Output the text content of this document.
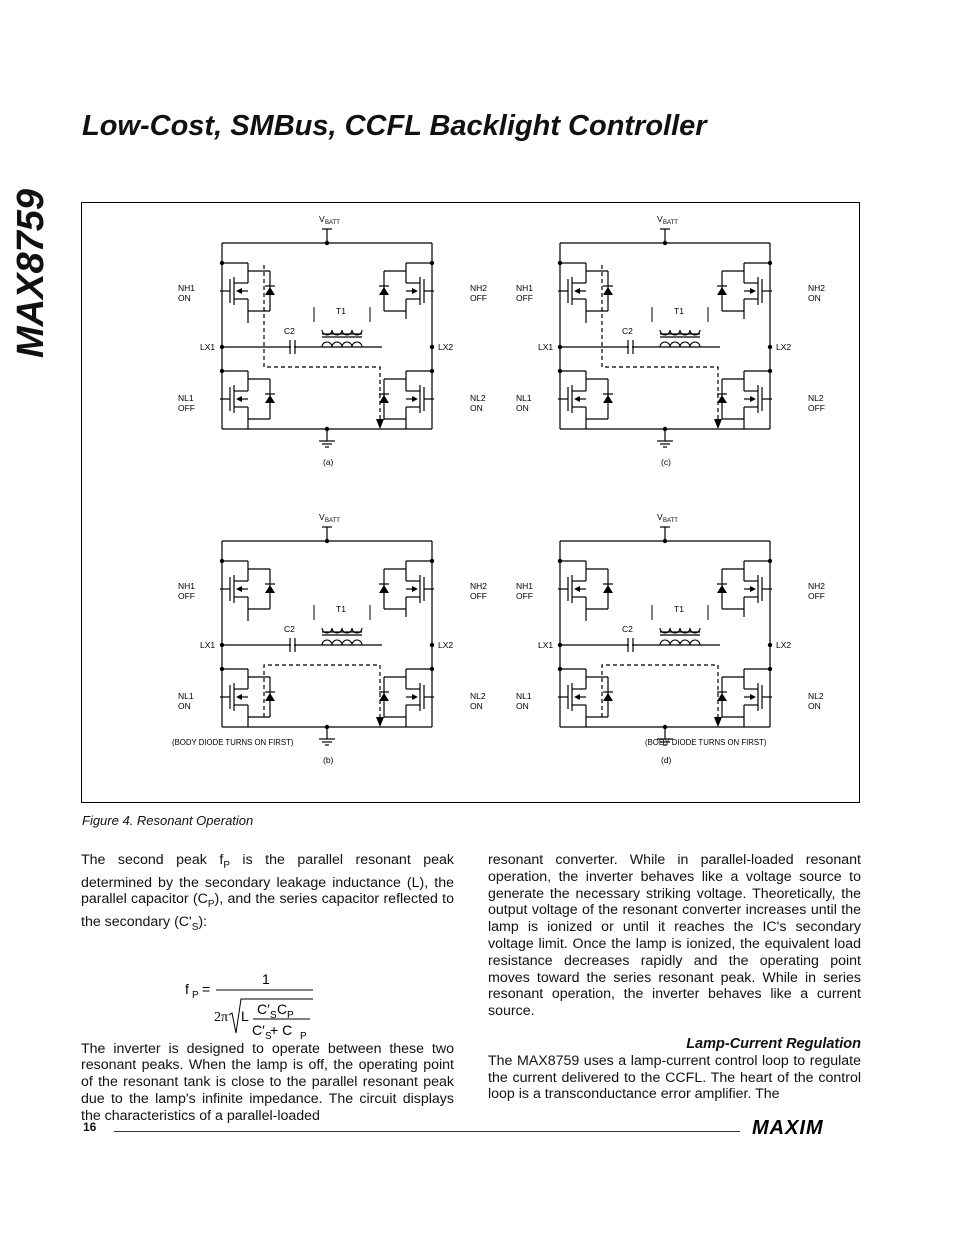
MAX8759
Low-Cost, SMBus, CCFL Backlight Controller
V BATT
LX1	LX2
(a)
C2
T1
NH1
ON
NL1
OFF
NH2
OFF
NL2
ON
V BATT
LX1	LX2
(c)
C2
T1
NH1
OFF
NL1
ON
NH2
ON
NL2
OFF
V BATT
LX1	LX2
(b)
C2
T1
NH1
OFF
NL1
ON
NH2
OFF
NL2
ON
(BODY DIODE TURNS ON FIRST)
V BATT
LX1	LX2
(d)
C2
T1
NH1
OFF
NL1
ON
NH2
OFF
NL2
ON
(BODY DIODE TURNS ON FIRST)
Figure 4. Resonant Operation

The second peak $f_P$ is the parallel resonant peak determined by the secondary leakage inductance (L), the parallel capacitor $(C_P)$, and the series capacitor reflected to the secondary $(C'_S)$:

f P =
1
2π L C′ S C P
C′ S
+ C P

The inverter is designed to operate between these two resonant peaks. When the lamp is off, the operating point of the resonant tank is close to the parallel resonant peak due to the lamp's infinite impedance. The circuit displays the characteristics of a parallel-loaded

resonant converter. While in parallel-loaded resonant operation, the inverter behaves like a voltage source to generate the necessary striking voltage. Theoretically, the output voltage of the resonant converter increases until the lamp is ionized or until it reaches the IC's secondary voltage limit. Once the lamp is ionized, the equivalent load resistance decreases rapidly and the operating point moves toward the series resonant peak. While in series resonant operation, the inverter behaves like a current source.

Lamp-Current Regulation

The MAX8759 uses a lamp-current control loop to regulate the current delivered to the CCFL. The heart of the control loop is a transconductance error amplifier. The

16	MAXIM
